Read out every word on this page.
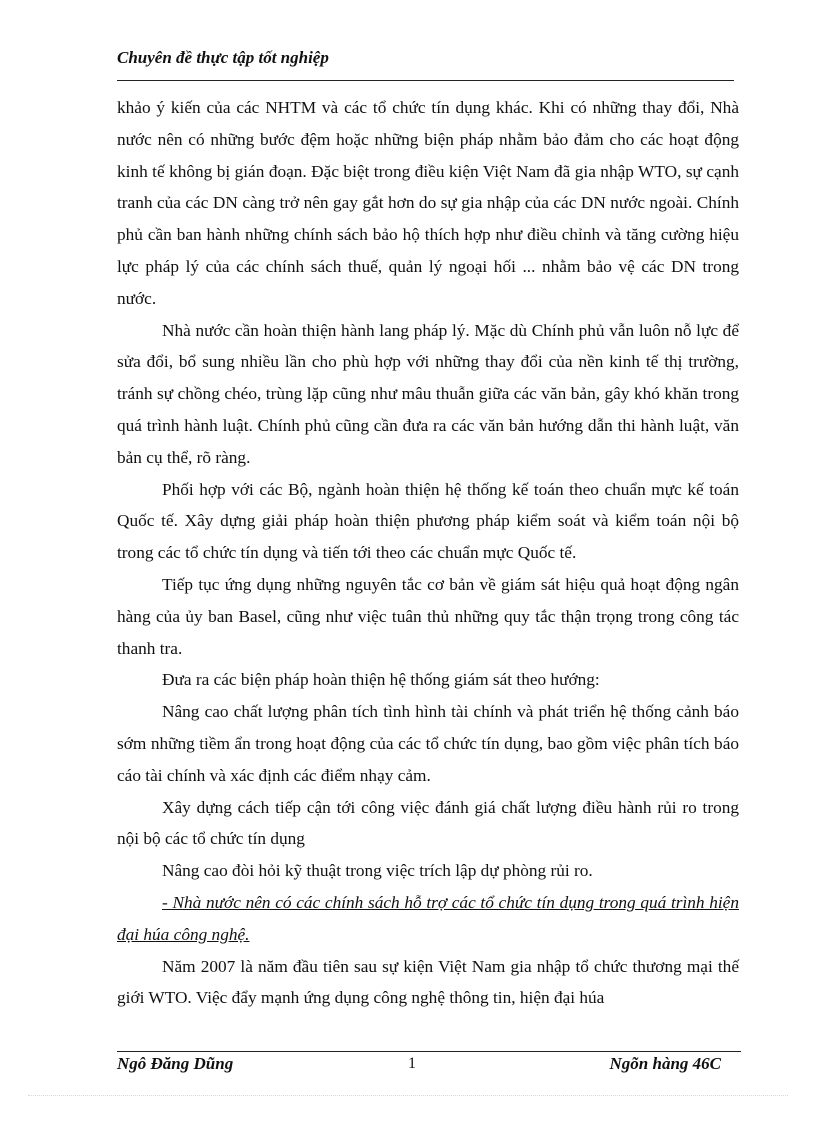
Chuyên đề thực tập tốt nghiệp

khảo ý kiến của các NHTM và các tổ chức tín dụng khác. Khi có những thay đổi, Nhà nước nên có những bước đệm hoặc những biện pháp nhằm bảo đảm cho các hoạt động kinh tế không bị gián đoạn. Đặc biệt trong điều kiện Việt Nam đã gia nhập WTO, sự cạnh tranh của các DN càng trở nên gay gắt hơn do sự gia nhập của các DN nước ngoài. Chính phủ cần ban hành những chính sách bảo hộ thích hợp như điều chỉnh và tăng cường hiệu lực pháp lý của các chính sách thuế, quản lý ngoại hối ... nhằm bảo vệ các DN trong nước.

Nhà nước cần hoàn thiện hành lang pháp lý. Mặc dù Chính phủ vẫn luôn nỗ lực để sửa đổi, bổ sung nhiều lần cho phù hợp với những thay đổi của nền kinh tế thị trường, tránh sự chồng chéo, trùng lặp cũng như mâu thuẫn giữa các văn bản, gây khó khăn trong quá trình hành luật. Chính phủ cũng cần đưa ra các văn bản hướng dẫn thi hành luật, văn bản cụ thể, rõ ràng.

Phối hợp với các Bộ, ngành hoàn thiện hệ thống kế toán theo chuẩn mực kế toán Quốc tế. Xây dựng giải pháp hoàn thiện phương pháp kiểm soát và kiểm toán nội bộ trong các tổ chức tín dụng và tiến tới theo các chuẩn mực Quốc tế.

Tiếp tục ứng dụng những nguyên tắc cơ bản về giám sát hiệu quả hoạt động ngân hàng của ủy ban Basel, cũng như việc tuân thủ những quy tắc thận trọng trong công tác thanh tra.

Đưa ra các biện pháp hoàn thiện hệ thống giám sát theo hướng:

Nâng cao chất lượng phân tích tình hình tài chính và phát triển hệ thống cảnh báo sớm những tiềm ẩn trong hoạt động của các tổ chức tín dụng, bao gồm việc phân tích báo cáo tài chính và xác định các điểm nhạy cảm.

Xây dựng cách tiếp cận tới công việc đánh giá chất lượng điều hành rủi ro trong nội bộ các tổ chức tín dụng

Nâng cao đòi hỏi kỹ thuật trong việc trích lập dự phòng rủi ro.

- Nhà nước nên có các chính sách hỗ trợ các tổ chức tín dụng trong quá trình hiện đại húa công nghệ.

Năm 2007 là năm đầu tiên sau sự kiện Việt Nam gia nhập tổ chức thương mại thế giới WTO. Việc đẩy mạnh ứng dụng công nghệ thông tin, hiện đại húa

Ngô Đăng Dũng	1	Ngõn hàng 46C
